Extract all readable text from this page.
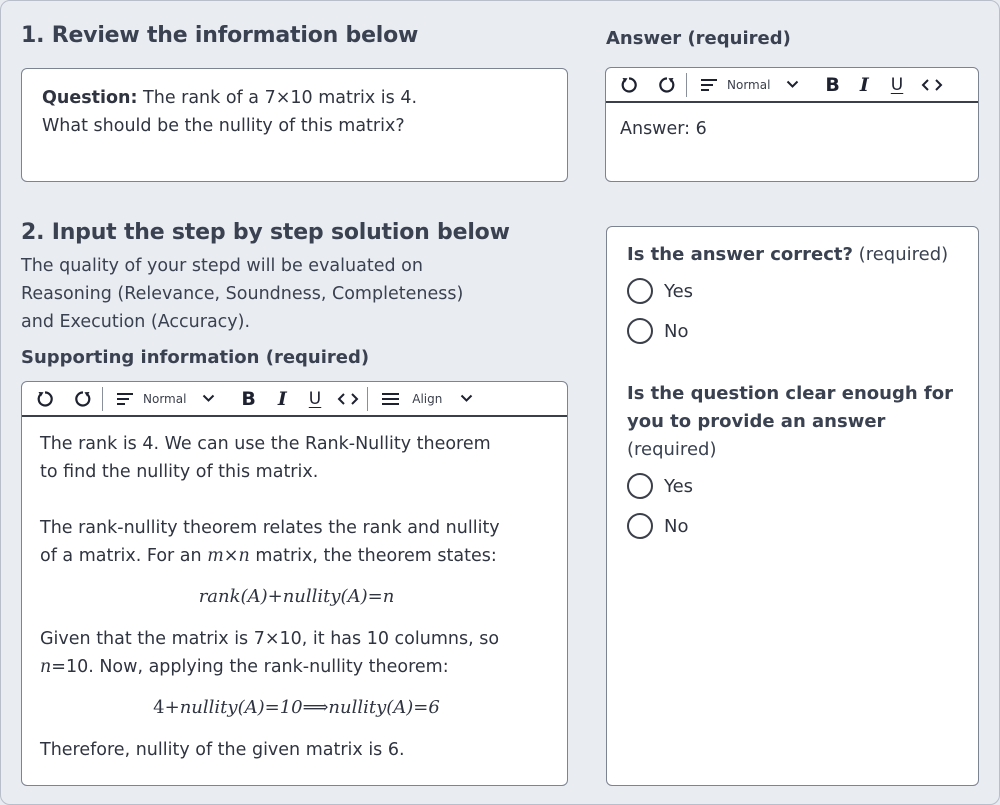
1. Review the information below
Question: The rank of a 7×10 matrix is 4.
What should be the nullity of this matrix?
Answer (required)
Normal	B I U
Answer: 6
2. Input the step by step solution below
The quality of your stepd will be evaluated on
Reasoning (Relevance, Soundness, Completeness)
and Execution (Accuracy).
Supporting information (required)
Normal	B I U	Align
The rank is 4. We can use the Rank-Nullity theorem
to find the nullity of this matrix.
The rank-nullity theorem relates the rank and nullity
of a matrix. For an m×n matrix, the theorem states:
rank(A)+nullity(A)=n
Given that the matrix is 7×10, it has 10 columns, so
n=10. Now, applying the rank-nullity theorem:
4+nullity(A)=10⟹nullity(A)=6
Therefore, nullity of the given matrix is 6.
Is the answer correct? (required)
Yes
No
Is the question clear enough for
you to provide an answer
(required)
Yes
No
